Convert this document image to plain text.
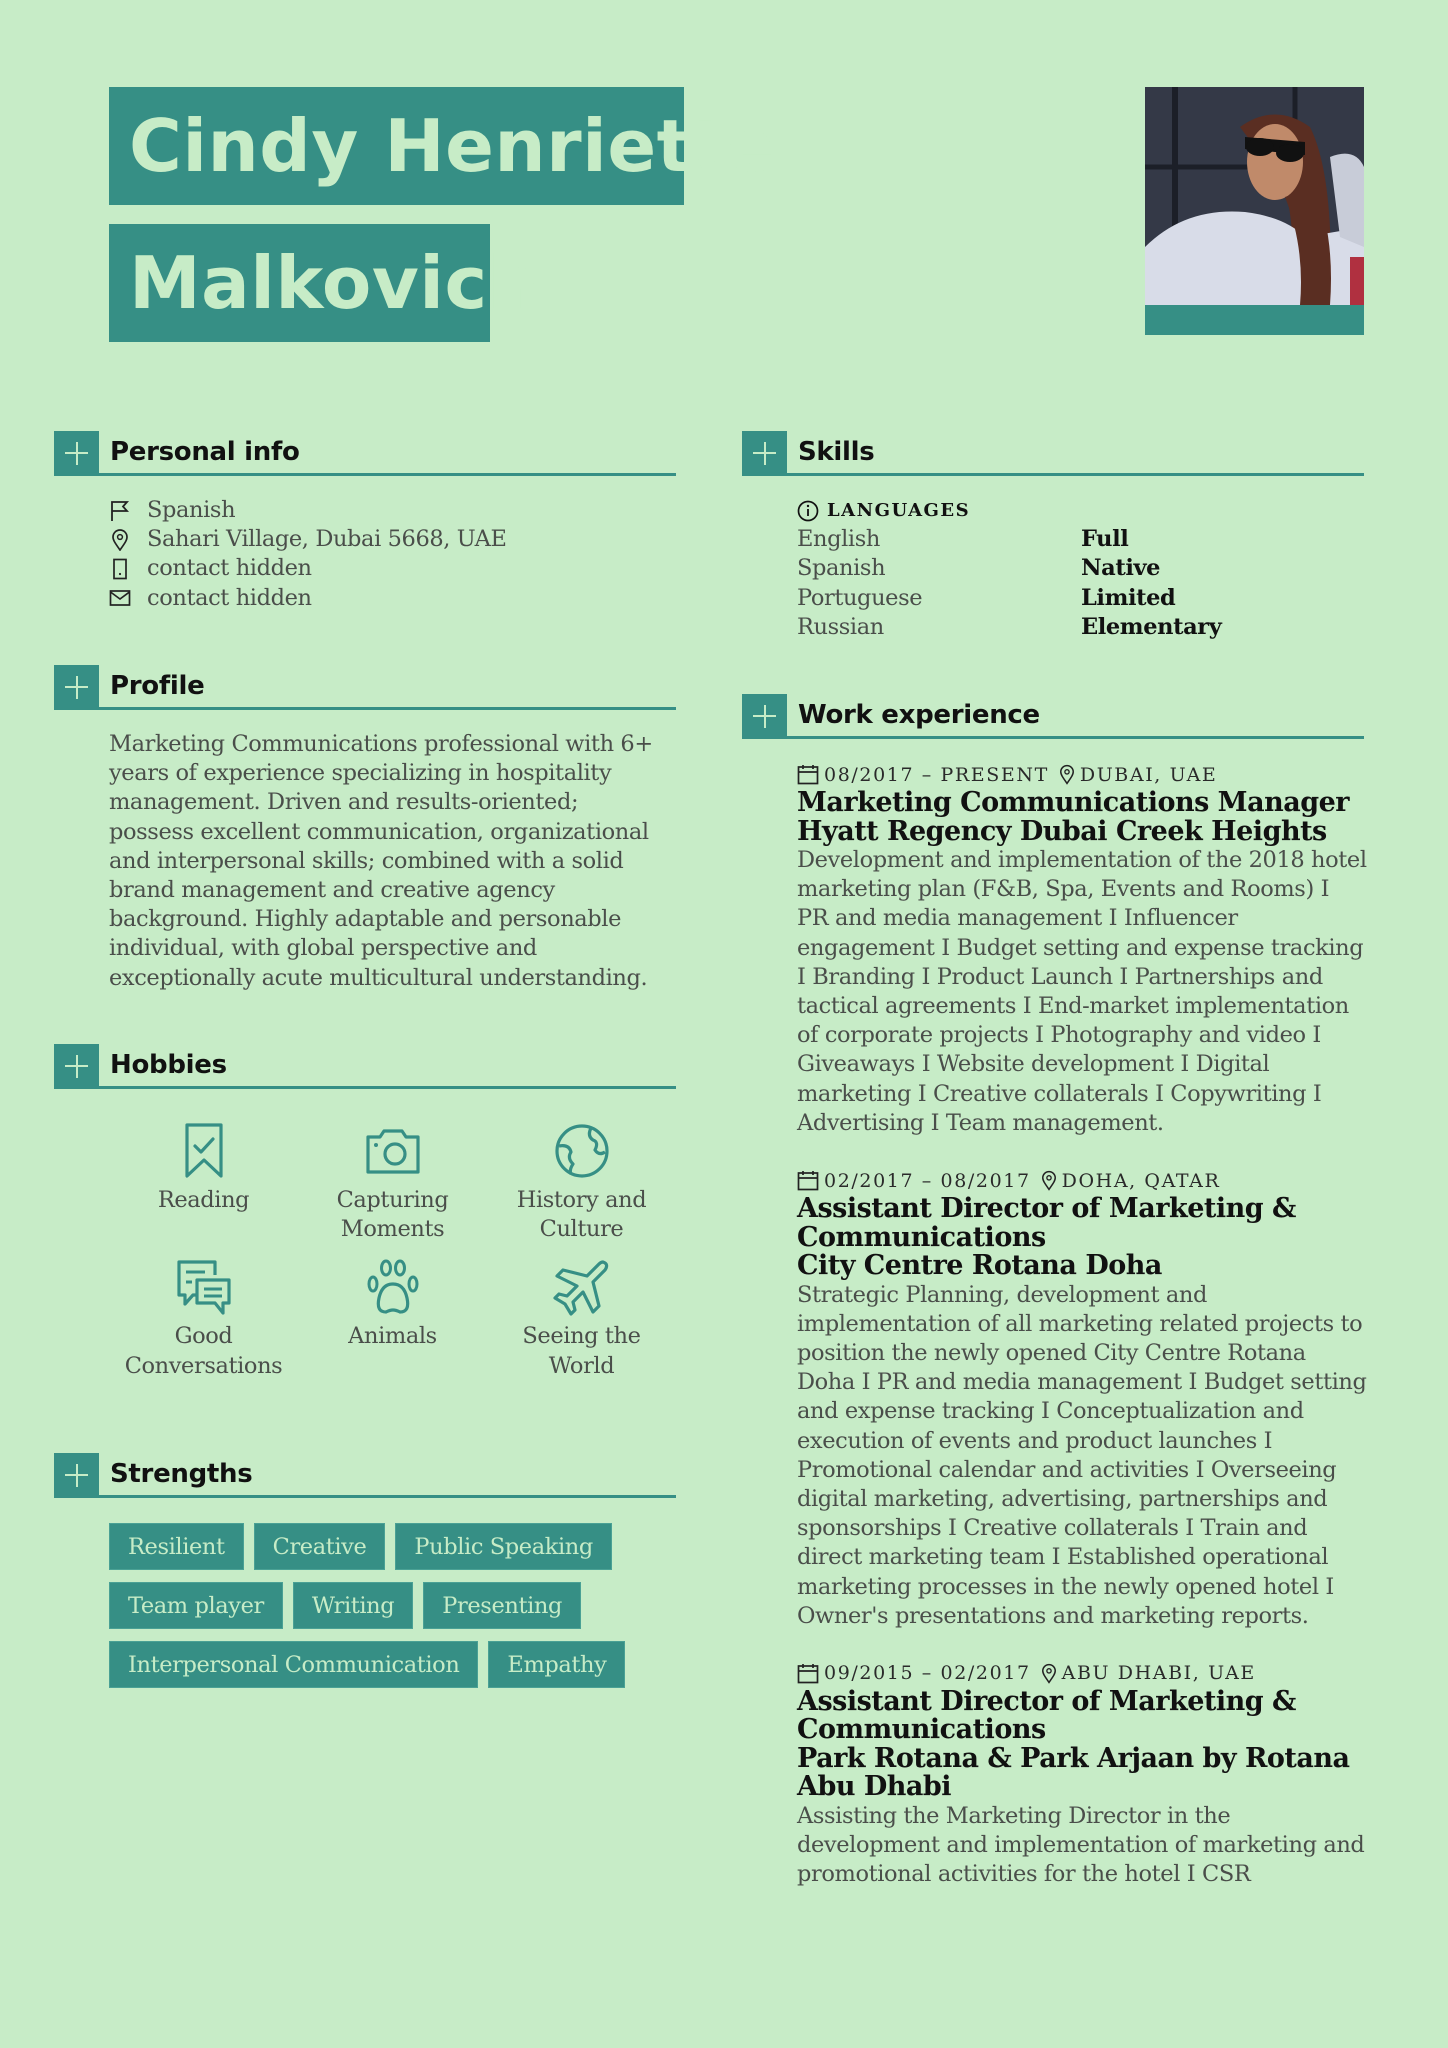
Cindy Henriette
Malkovich
Personal info
Spanish
Sahari Village, Dubai 5668, UAE
contact hidden
contact hidden
Profile
Marketing Communications professional with 6+ years of experience specializing in hospitality management. Driven and results-oriented; possess excellent communication, organizational and interpersonal skills; combined with a solid brand management and creative agency background. Highly adaptable and personable individual, with global perspective and exceptionally acute multicultural understanding.
Hobbies
Reading	Capturing Moments
History and Culture
Good Conversations
Animals	Seeing the World
Strengths
Resilient	Creative	Public Speaking
Team player	Writing	Presenting
Interpersonal Communication	Empathy
Skills
LANGUAGES
English	Full
Spanish	Native
Portuguese	Limited
Russian	Elementary
Work experience
08/2017 – PRESENT DUBAI, UAE
Marketing Communications Manager
Hyatt Regency Dubai Creek Heights
Development and implementation of the 2018 hotel marketing plan (F&B, Spa, Events and Rooms) I PR and media management I Influencer engagement I Budget setting and expense tracking I Branding I Product Launch I Partnerships and tactical agreements I End-market implementation of corporate projects I Photography and video I Giveaways I Website development I Digital marketing I Creative collaterals I Copywriting I Advertising I Team management.
02/2017 – 08/2017 DOHA, QATAR
Assistant Director of Marketing & Communications
City Centre Rotana Doha
Strategic Planning, development and implementation of all marketing related projects to position the newly opened City Centre Rotana Doha I PR and media management I Budget setting and expense tracking I Conceptualization and execution of events and product launches I Promotional calendar and activities I Overseeing digital marketing, advertising, partnerships and sponsorships I Creative collaterals I Train and direct marketing team I Established operational marketing processes in the newly opened hotel I Owner's presentations and marketing reports.
09/2015 – 02/2017 ABU DHABI, UAE
Assistant Director of Marketing & Communications
Park Rotana & Park Arjaan by Rotana Abu Dhabi
Assisting the Marketing Director in the development and implementation of marketing and promotional activities for the hotel I CSR
